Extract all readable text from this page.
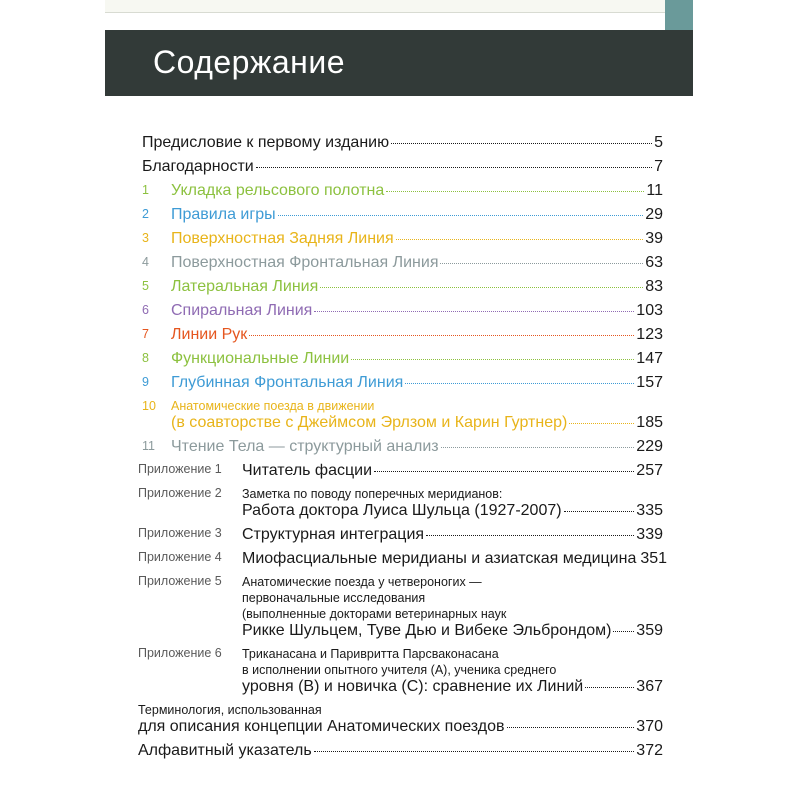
Содержание
Предисловие к первому изданию	5
Благодарности	7
1 Укладка рельсового полотна	11
2 Правила игры	29
3 Поверхностная Задняя Линия	39
4 Поверхностная Фронтальная Линия	63
5 Латеральная Линия	83
6 Спиральная Линия	103
7 Линии Рук	123
8 Функциональные Линии	147
9 Глубинная Фронтальная Линия	157
10 Анатомические поезда в движении
(в соавторстве с Джеймсом Эрлзом и Карин Гуртнер)	185
11 Чтение Тела — структурный анализ	229
Приложение 1 Читатель фасции	257
Приложение 2 Заметка по поводу поперечных меридианов:
Работа доктора Луиса Шульца (1927-2007)	335
Приложение 3 Структурная интеграция	339
Приложение 4 Миофасциальные меридианы и азиатская медицина 351
Приложение 5 Анатомические поезда у четвероногих —
первоначальные исследования
(выполненные докторами ветеринарных наук
Рикке Шульцем, Туве Дью и Вибеке Эльброндом) 359
Приложение 6 Триканасана и Паривритта Парсваконасана
в исполнении опытного учителя (A), ученика среднего
уровня (B) и новичка (C): сравнение их Линий	367
Терминология, использованная
для описания концепции Анатомических поездов	370
Алфавитный указатель	372
